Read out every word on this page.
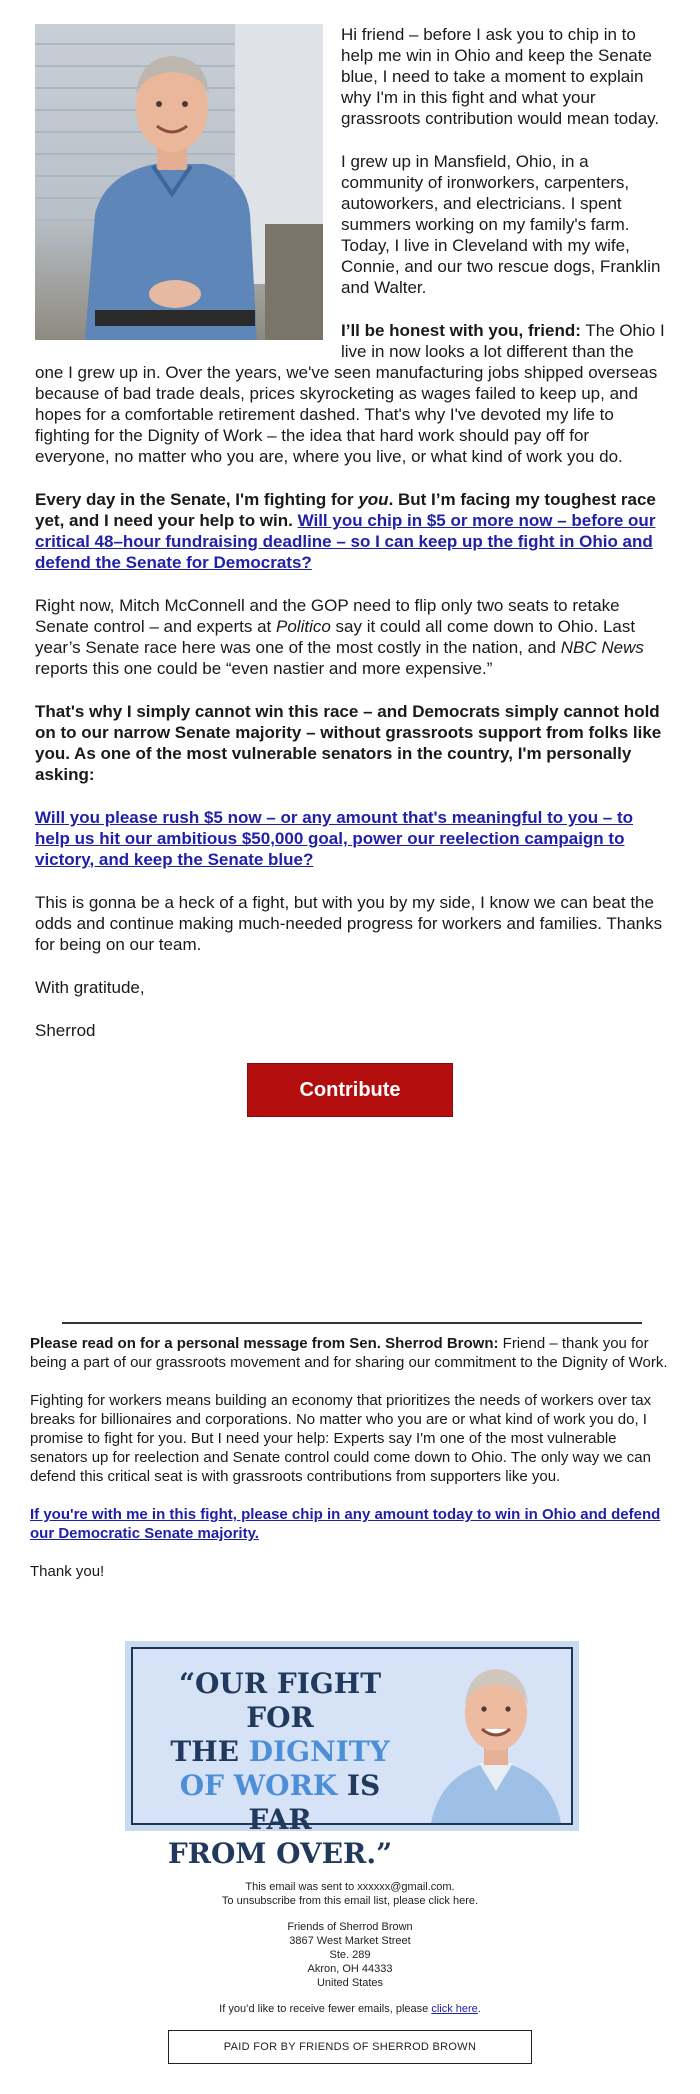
Hi friend – before I ask you to chip in to help me win in Ohio and keep the Senate blue, I need to take a moment to explain why I'm in this fight and what your grassroots contribution would mean today.

I grew up in Mansfield, Ohio, in a community of ironworkers, carpenters, autoworkers, and electricians. I spent summers working on my family's farm. Today, I live in Cleveland with my wife, Connie, and our two rescue dogs, Franklin and Walter.

I’ll be honest with you, friend: The Ohio I live in now looks a lot different than the one I grew up in. Over the years, we've seen manufacturing jobs shipped overseas because of bad trade deals, prices skyrocketing as wages failed to keep up, and hopes for a comfortable retirement dashed. That's why I've devoted my life to fighting for the Dignity of Work – the idea that hard work should pay off for everyone, no matter who you are, where you live, or what kind of work you do.

Every day in the Senate, I'm fighting for you. But I’m facing my toughest race yet, and I need your help to win. Will you chip in $5 or more now – before our critical 48–hour fundraising deadline – so I can keep up the fight in Ohio and defend the Senate for Democrats?

Right now, Mitch McConnell and the GOP need to flip only two seats to retake Senate control – and experts at Politico say it could all come down to Ohio. Last year’s Senate race here was one of the most costly in the nation, and NBC News reports this one could be “even nastier and more expensive.”

That's why I simply cannot win this race – and Democrats simply cannot hold on to our narrow Senate majority – without grassroots support from folks like you. As one of the most vulnerable senators in the country, I'm personally asking:

Will you please rush $5 now – or any amount that's meaningful to you – to help us hit our ambitious $50,000 goal, power our reelection campaign to victory, and keep the Senate blue?

This is gonna be a heck of a fight, but with you by my side, I know we can beat the odds and continue making much-needed progress for workers and families. Thanks for being on our team.

With gratitude,

Sherrod

Contribute
Please read on for a personal message from Sen. Sherrod Brown: Friend – thank you for being a part of our grassroots movement and for sharing our commitment to the Dignity of Work.
Fighting for workers means building an economy that prioritizes the needs of workers over tax breaks for billionaires and corporations. No matter who you are or what kind of work you do, I promise to fight for you. But I need your help: Experts say I'm one of the most vulnerable senators up for reelection and Senate control could come down to Ohio. The only way we can defend this critical seat is with grassroots contributions from supporters like you.
If you're with me in this fight, please chip in any amount today to win in Ohio and defend our Democratic Senate majority.
Thank you!
“OUR FIGHT FOR
THE DIGNITY
OF WORK IS FAR
FROM OVER.”
This email was sent to xxxxxx@gmail.com.
To unsubscribe from this email list, please click here.
Friends of Sherrod Brown
3867 West Market Street
Ste. 289
Akron, OH 44333
United States
If you’d like to receive fewer emails, please click here.
PAID FOR BY FRIENDS OF SHERROD BROWN
